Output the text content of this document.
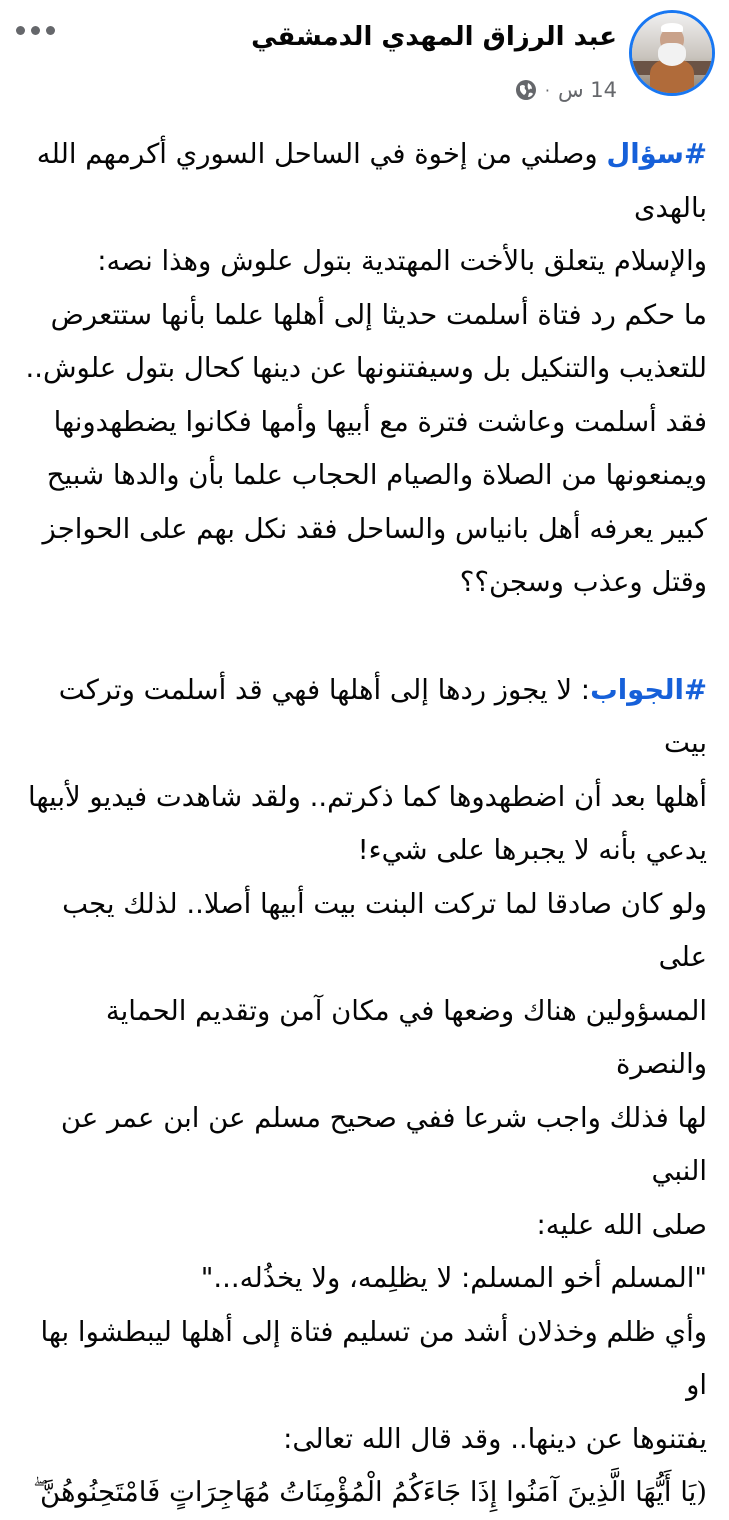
عبد الرزاق المهدي الدمشقي
14 س
·

#سؤال وصلني من إخوة في الساحل السوري أكرمهم الله بالهدى

والإسلام يتعلق بالأخت المهتدية بتول علوش وهذا نصه:

ما حكم رد فتاة أسلمت حديثا إلى أهلها علما بأنها ستتعرض

للتعذيب والتنكيل بل وسيفتنونها عن دينها كحال بتول علوش..

فقد أسلمت وعاشت فترة مع أبيها وأمها فكانوا يضطهدونها

ويمنعونها من الصلاة والصيام الحجاب علما بأن والدها شبيح

كبير يعرفه أهل بانياس والساحل فقد نكل بهم على الحواجز

وقتل وعذب وسجن؟؟

#الجواب: لا يجوز ردها إلى أهلها فهي قد أسلمت وتركت بيت

أهلها بعد أن اضطهدوها كما ذكرتم.. ولقد شاهدت فيديو لأبيها

يدعي بأنه لا يجبرها على شيء!

ولو كان صادقا لما تركت البنت بيت أبيها أصلا.. لذلك يجب على

المسؤولين هناك وضعها في مكان آمن وتقديم الحماية والنصرة

لها فذلك واجب شرعا ففي صحيح مسلم عن ابن عمر عن النبي

صلى الله عليه:

"المسلم أخو المسلم: لا يظلِمه، ولا يخذُله..."

وأي ظلم وخذلان أشد من تسليم فتاة إلى أهلها ليبطشوا بها او

يفتنوها عن دينها.. وقد قال الله تعالى:

(يَا أَيُّهَا الَّذِينَ آمَنُوا إِذَا جَاءَكُمُ الْمُؤْمِنَاتُ مُهَاجِرَاتٍ فَامْتَحِنُوهُنَّ ۖ
